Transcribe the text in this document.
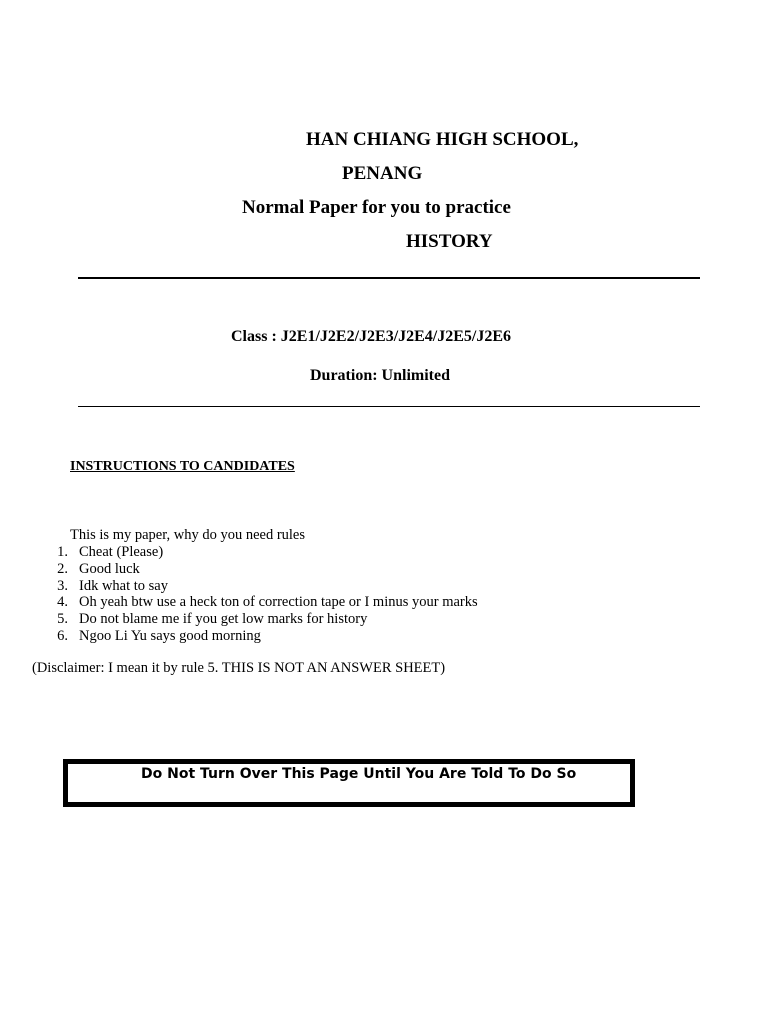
HAN CHIANG HIGH SCHOOL,
PENANG
Normal Paper for you to practice
HISTORY
Class : J2E1/J2E2/J2E3/J2E4/J2E5/J2E6
Duration: Unlimited
INSTRUCTIONS TO CANDIDATES
This is my paper, why do you need rules
1. Cheat (Please)
2. Good luck
3. Idk what to say
4. Oh yeah btw use a heck ton of correction tape or I minus your marks
5. Do not blame me if you get low marks for history
6. Ngoo Li Yu says good morning
(Disclaimer: I mean it by rule 5. THIS IS NOT AN ANSWER SHEET)
Do Not Turn Over This Page Until You Are Told To Do So
